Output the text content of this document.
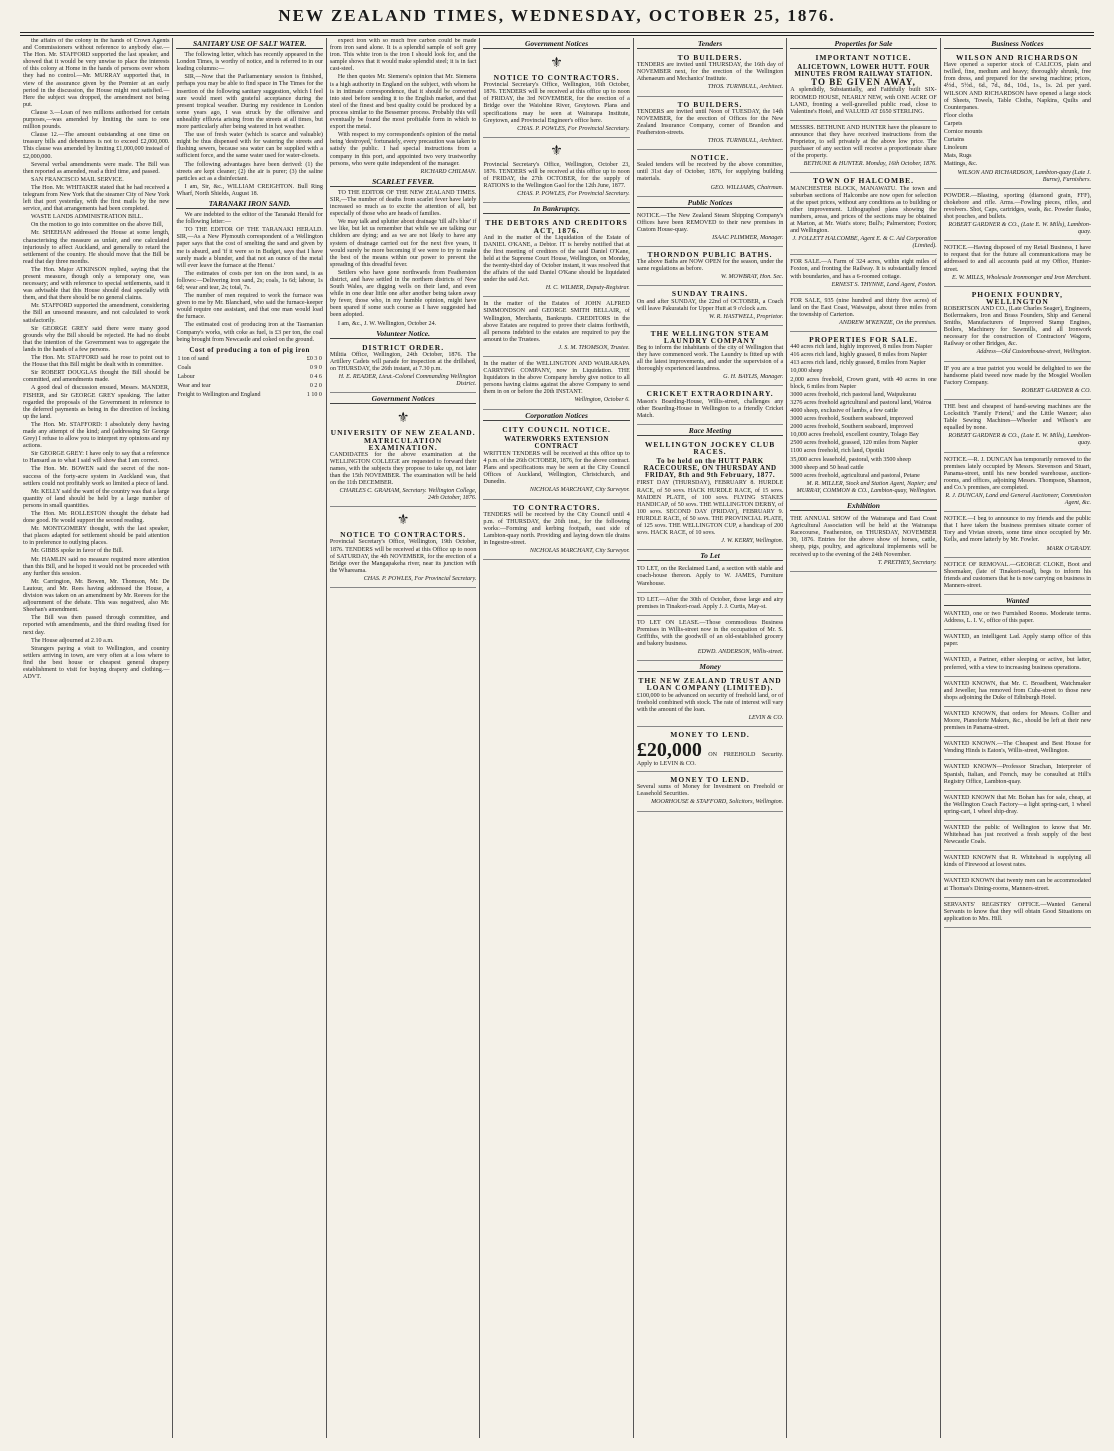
NEW ZEALAND TIMES, WEDNESDAY, OCTOBER 25, 1876.

the affairs of the colony in the hands of Crown Agents and Commissioners without reference to anybody else.—The Hon. Mr. STAFFORD supported the last speaker, and showed that it would be very unwise to place the interests of this colony at Home in the hands of persons over whom they had no control.—Mr. MURRAY supported that, in view of the assurance given by the Premier at an early period in the discussion, the House might rest satisfied.—Here the subject was dropped, the amendment not being put.

Clause 3.—Loan of two millions authorised for certain purposes,—was amended by limiting the sum to one million pounds.

Clause 12.—The amount outstanding at one time on treasury bills and debentures is not to exceed £2,000,000. This clause was amended by limiting £1,000,000 instead of £2,000,000.

Several verbal amendments were made. The Bill was then reported as amended, read a third time, and passed.

SAN FRANCISCO MAIL SERVICE.

The Hon. Mr. WHITAKER stated that he had received a telegram from New York that the steamer City of New York left that port yesterday, with the first mails by the new service, and that arrangements had been completed.

WASTE LANDS ADMINISTRATION BILL.

On the motion to go into committee on the above Bill,

Mr. SHEEHAN addressed the House at some length, characterising the measure as unfair, and one calculated injuriously to affect Auckland, and generally to retard the settlement of the country. He should move that the Bill be read that day three months.

The Hon. Major ATKINSON replied, saying that the present measure, though only a temporary one, was necessary; and with reference to special settlements, said it was advisable that this House should deal specially with them, and that there should be no general claims.

Mr. STAFFORD supported the amendment, considering the Bill an unsound measure, and not calculated to work satisfactorily.

Sir GEORGE GREY said there were many good grounds why the Bill should be rejected. He had no doubt that the intention of the Government was to aggregate the lands in the hands of a few persons.

The Hon. Mr. STAFFORD said he rose to point out to the House that this Bill might be dealt with in committee.

Sir ROBERT DOUGLAS thought the Bill should be committed, and amendments made.

A good deal of discussion ensued, Messrs. MANDER, FISHER, and Sir GEORGE GREY speaking. The latter regarded the proposals of the Government in reference to the deferred payments as being in the direction of locking up the land.

The Hon. Mr. STAFFORD: I absolutely deny having made any attempt of the kind; and (addressing Sir George Grey) I refuse to allow you to interpret my opinions and my actions.

Sir GEORGE GREY: I have only to say that a reference to Hansard as to what I said will show that I am correct.

The Hon. Mr. BOWEN said the secret of the non-success of the forty-acre system in Auckland was, that settlers could not profitably work so limited a piece of land.

Mr. KELLY said the want of the country was that a large quantity of land should be held by a large number of persons in small quantities.

The Hon. Mr. ROLLESTON thought the debate had done good. He would support the second reading.

Mr. MONTGOMERY thought, with the last speaker, that places adapted for settlement should be paid attention to in preference to outlying places.

Mr. GIBBS spoke in favor of the Bill.

Mr. HAMLIN said no measure required more attention than this Bill, and he hoped it would not be proceeded with any further this session.

Mr. Carrington, Mr. Bowen, Mr. Thomson, Mr. De Lautour, and Mr. Rees having addressed the House, a division was taken on an amendment by Mr. Reeves for the adjournment of the debate. This was negatived, also Mr. Sheehan's amendment.

The Bill was then passed through committee, and reported with amendments, and the third reading fixed for next day.

The House adjourned at 2.10 a.m.

Strangers paying a visit to Wellington, and country settlers arriving in town, are very often at a loss where to find the best house or cheapest general drapery establishment to visit for buying drapery and clothing.—ADVT.

SANITARY USE OF SALT WATER.

The following letter, which has recently appeared in the London Times, is worthy of notice, and is referred to in our leading columns:—

SIR,—Now that the Parliamentary session is finished, perhaps you may be able to find space in The Times for the insertion of the following sanitary suggestion, which I feel sure would meet with grateful acceptance during the present tropical weather. During my residence in London some years ago, I was struck by the offensive and unhealthy effluvia arising from the streets at all times, but more particularly after being watered in hot weather.

The use of fresh water (which is scarce and valuable) might be thus dispensed with for watering the streets and flushing sewers, because sea water can be supplied with a sufficient force, and the same water used for water-closets.

The following advantages have been derived: (1) the streets are kept cleaner; (2) the air is purer; (3) the saline particles act as a disinfectant.

I am, Sir, &c., WILLIAM CREIGHTON. Bull Ring Wharf, North Shields, August 18.

TARANAKI IRON SAND.

We are indebted to the editor of the Taranaki Herald for the following letter:—

TO THE EDITOR OF THE TARANAKI HERALD. SIR,—As a New Plymouth correspondent of a Wellington paper says that the cost of smelting the sand and given by me is absurd, and 'if it were so in Budget, says that I have surely made a blunder, and that not an ounce of the metal will ever leave the furnace at the Henui.'

The estimates of costs per ton on the iron sand, is as follows:—Delivering iron sand, 2s; coals, 1s 6d; labour, 1s 6d; wear and tear, 2s; total, 7s.

The number of men required to work the furnace was given to me by Mr. Blanchard, who said the furnace-keeper would require one assistant, and that one man would load the furnace.

The estimated cost of producing iron at the Tasmanian Company's works, with coke as fuel, is £3 per ton, the coal being brought from Newcastle and coked on the ground.

Cost of producing a ton of pig iron
1 ton of sand	£0 3 0
Coals	0 9 0
Labour	0 4 6
Wear and tear	0 2 0
Freight to Wellington and England	1 10 0

expect iron with so much free carbon could be made from iron sand alone. It is a splendid sample of soft grey iron. This white iron is the iron I should look for, and the sample shows that it would make splendid steel; it is in fact cast-steel.

He then quotes Mr. Siemens's opinion that Mr. Siemens is a high authority in England on the subject, with whom he is in intimate correspondence, that it should be converted into steel before sending it to the English market, and that steel of the finest and best quality could be produced by a process similar to the Bessemer process. Probably this will eventually be found the most profitable form in which to export the metal.

With respect to my correspondent's opinion of the metal being 'destroyed,' fortunately, every precaution was taken to satisfy the public. I had special instructions from a company in this port, and appointed two very trustworthy persons, who were quite independent of the manager.

RICHARD CHILMAN.

SCARLET FEVER.

TO THE EDITOR OF THE NEW ZEALAND TIMES. SIR,—The number of deaths from scarlet fever have lately increased so much as to excite the attention of all, but especially of those who are heads of families.

We may talk and splutter about drainage 'till all's blue' if we like, but let us remember that while we are talking our children are dying; and as we are not likely to have any system of drainage carried out for the next five years, it would surely be more becoming if we were to try to make the best of the means within our power to prevent the spreading of this dreadful fever.

Settlers who have gone northwards from Featherston district, and have settled in the northern districts of New South Wales, are digging wells on their land, and even while in one dear little one after another being taken away by fever, those who, in my humble opinion, might have been spared if some such course as I have suggested had been adopted.

I am, &c., J. W. Wellington, October 24.

Volunteer Notice.
DISTRICT ORDER.

Militia Office, Wellington, 24th October, 1876. The Artillery Cadets will parade for inspection at the drillshed, on THURSDAY, the 26th instant, at 7.30 p.m.

H. E. READER, Lieut.-Colonel Commanding Wellington District.

Government Notices
⚜
UNIVERSITY OF NEW ZEALAND. MATRICULATION EXAMINATION.

CANDIDATES for the above examination at the WELLINGTON COLLEGE are requested to forward their names, with the subjects they propose to take up, not later than the 15th NOVEMBER. The examination will be held on the 11th DECEMBER.

CHARLES C. GRAHAM, Secretary. Wellington College, 24th October, 1876.

⚜
NOTICE TO CONTRACTORS.

Provincial Secretary's Office, Wellington, 19th October, 1876. TENDERS will be received at this Office up to noon of SATURDAY, the 4th NOVEMBER, for the erection of a Bridge over the Mangapakeha river, near its junction with the Whareama.

CHAS. P. POWLES, For Provincial Secretary.

Government Notices
⚜
NOTICE TO CONTRACTORS.

Provincial Secretary's Office, Wellington, 16th October, 1876. TENDERS will be received at this office up to noon of FRIDAY, the 3rd NOVEMBER, for the erection of a Bridge over the Waiohine River, Greytown. Plans and specifications may be seen at Wairarapa Institute, Greytown, and Provincial Engineer's office here.

CHAS. P. POWLES, For Provincial Secretary.

⚜

Provincial Secretary's Office, Wellington, October 23, 1876. TENDERS will be received at this office up to noon of FRIDAY, the 27th OCTOBER, for the supply of RATIONS to the Wellington Gaol for the 12th June, 1877.

CHAS. P. POWLES, For Provincial Secretary.

In Bankruptcy.
THE DEBTORS AND CREDITORS ACT, 1876.

And in the matter of the Liquidation of the Estate of DANIEL O'KANE, a Debtor. IT is hereby notified that at the first meeting of creditors of the said Daniel O'Kane, held at the Supreme Court House, Wellington, on Monday, the twenty-third day of October instant, it was resolved that the affairs of the said Daniel O'Kane should be liquidated under the said Act.

H. C. WILMER, Deputy-Registrar.

In the matter of the Estates of JOHN ALFRED SIMMONDSON and GEORGE SMITH BELLAIR, of Wellington, Merchants, Bankrupts. CREDITORS in the above Estates are required to prove their claims forthwith, all persons indebted to the estates are required to pay the amount to the Trustees.

J. S. M. THOMSON, Trustee.

In the matter of the WELLINGTON AND WAIRARAPA CARRYING COMPANY, now in Liquidation. THE liquidators in the above Company hereby give notice to all persons having claims against the above Company to send them in on or before the 20th INSTANT.

Wellington, October 6.

Corporation Notices
CITY COUNCIL NOTICE.
WATERWORKS EXTENSION CONTRACT

WRITTEN TENDERS will be received at this office up to 4 p.m. of the 26th OCTOBER, 1876, for the above contract. Plans and specifications may be seen at the City Council Offices of Auckland, Wellington, Christchurch, and Dunedin.

NICHOLAS MARCHANT, City Surveyor.

TO CONTRACTORS.

TENDERS will be received by the City Council until 4 p.m. of THURSDAY, the 26th inst., for the following works:—Forming and kerbing footpath, east side of Lambton-quay north. Providing and laying down tile drains in Ingestre-street.

NICHOLAS MARCHANT, City Surveyor.

Tenders
TO BUILDERS.

TENDERS are invited until THURSDAY, the 16th day of NOVEMBER next, for the erection of the Wellington Athenaeum and Mechanics' Institute.

THOS. TURNBULL, Architect.

TO BUILDERS.

TENDERS are invited until Noon of TUESDAY, the 14th NOVEMBER, for the erection of Offices for the New Zealand Insurance Company, corner of Brandon and Featherston-streets.

THOS. TURNBULL, Architect.

NOTICE.

Sealed tenders will be received by the above committee, until 31st day of October, 1876, for supplying building materials.

GEO. WILLIAMS, Chairman.

Public Notices

NOTICE.—The New Zealand Steam Shipping Company's Offices have been REMOVED to their new premises in Custom House-quay.

ISAAC PLIMMER, Manager.

THORNDON PUBLIC BATHS.

The above Baths are NOW OPEN for the season, under the same regulations as before.

W. MOWBRAY, Hon. Sec.

SUNDAY TRAINS.

On and after SUNDAY, the 22nd of OCTOBER, a Coach will leave Pakuratahi for Upper Hutt at 9 o'clock a.m.

W. R. HASTWELL, Proprietor.

THE WELLINGTON STEAM LAUNDRY COMPANY

Beg to inform the inhabitants of the city of Wellington that they have commenced work. The Laundry is fitted up with all the latest improvements, and under the supervision of a thoroughly experienced laundress.

G. H. BAYLIS, Manager.

CRICKET EXTRAORDINARY.

Mason's Boarding-House, Willis-street, challenges any other Boarding-House in Wellington to a friendly Cricket Match.

Race Meeting
WELLINGTON JOCKEY CLUB RACES.
To be held on the HUTT PARK RACECOURSE, ON THURSDAY AND FRIDAY, 8th and 9th February, 1877.

FIRST DAY (THURSDAY), FEBRUARY 8. HURDLE RACE, of 50 sovs. HACK HURDLE RACE, of 15 sovs. MAIDEN PLATE, of 100 sovs. FLYING STAKES HANDICAP, of 50 sovs. THE WELLINGTON DERBY, of 100 sovs. SECOND DAY (FRIDAY), FEBRUARY 9. HURDLE RACE, of 50 sovs. THE PROVINCIAL PLATE, of 125 sovs. THE WELLINGTON CUP, a handicap of 200 sovs. HACK RACE, of 10 sovs.

J. W. KERRY, Wellington.

To Let

TO LET, on the Reclaimed Land, a section with stable and coach-house thereon. Apply to W. JAMES, Furniture Warehouse.

TO LET.—After the 30th of October, those large and airy premises in Tinakori-road. Apply J. J. Curtis, May-st.

TO LET ON LEASE.—Those commodious Business Premises in Willis-street now in the occupation of Mr. S. Griffiths, with the goodwill of an old-established grocery and bakery business.

EDWD. ANDERSON, Willis-street.

Money
THE NEW ZEALAND TRUST AND LOAN COMPANY (LIMITED).

£100,000 to be advanced on security of freehold land, or of freehold combined with stock. The rate of interest will vary with the amount of the loan.

LEVIN & CO.

MONEY TO LEND.
£20,000 ON FREEHOLD Security. Apply to LEVIN & CO.
MONEY TO LEND.

Several sums of Money for Investment on Freehold or Leasehold Securities.

MOORHOUSE & STAFFORD, Solicitors, Wellington.

Properties for Sale
IMPORTANT NOTICE.
ALICETOWN, LOWER HUTT. FOUR MINUTES FROM RAILWAY STATION.
TO BE GIVEN AWAY,

A splendidly, Substantially, and Faithfully built SIX-ROOMED HOUSE, NEARLY NEW, with ONE ACRE OF LAND, fronting a well-gravelled public road, close to Valentine's Hotel, and VALUED AT £650 STERLING.

MESSRS. BETHUNE AND HUNTER have the pleasure to announce that they have received instructions from the Proprietor, to sell privately at the above low price. The purchaser of any section will receive a proportionate share of the property.

BETHUNE & HUNTER. Monday, 16th October, 1876.

TOWN OF HALCOMBE.

MANCHESTER BLOCK, MANAWATU. The town and suburban sections of Halcombe are now open for selection at the upset prices, without any conditions as to building or other improvement. Lithographed plans showing the numbers, areas, and prices of the sections may be obtained at Marton, at Mr. Watt's store; Bull's; Palmerston; Foxton; and Wellington.

J. FOLLETT HALCOMBE, Agent E. & C. Aid Corporation (Limited).

FOR SALE.—A Farm of 324 acres, within eight miles of Foxton, and fronting the Railway. It is substantially fenced with boundaries, and has a 6-roomed cottage.

ERNEST S. THYNNE, Land Agent, Foxton.

FOR SALE, 935 (nine hundred and thirty five acres) of land on the East Coast, Waiwaipu, about three miles from the township of Carterton.

ANDREW M'KENZIE, On the premises.

PROPERTIES FOR SALE.

440 acres rich land, highly improved, 8 miles from Napier

416 acres rich land, highly grassed, 8 miles from Napier

413 acres rich land, richly grassed, 8 miles from Napier

10,000 sheep

2,000 acres freehold, Crown grant, with 40 acres in one block, 6 miles from Napier

3000 acres freehold, rich pastoral land, Waipukurau

3276 acres freehold agricultural and pastoral land, Wairoa

4000 sheep, exclusive of lambs, a few cattle

3000 acres freehold, Southern seaboard, improved

2000 acres freehold, Southern seaboard, improved

10,000 acres freehold, excellent country, Tolago Bay

2500 acres freehold, grassed, 120 miles from Napier

1100 acres freehold, rich land, Opotiki

35,000 acres leasehold, pastoral, with 3500 sheep

3000 sheep and 50 head cattle

5000 acres freehold, agricultural and pastoral, Petane

M. R. MILLER, Stock and Station Agent, Napier; and MURRAY, COMMON & CO., Lambton-quay, Wellington.

Exhibition

THE ANNUAL SHOW of the Wairarapa and East Coast Agricultural Association will be held at the Wairarapa Racecourse, Featherston, on THURSDAY, NOVEMBER 30, 1876. Entries for the above show of horses, cattle, sheep, pigs, poultry, and agricultural implements will be received up to the evening of the 24th November.

T. PRETHEY, Secretary.

Business Notices
WILSON AND RICHARDSON

Have opened a superior stock of CALICOS, plain and twilled, fine, medium and heavy; thoroughly shrunk, free from dress, and prepared for the sewing machine; prices, 4½d., 5½d., 6d., 7d., 8d., 10d., 1s., 1s. 2d. per yard. WILSON AND RICHARDSON have opened a large stock of Sheets, Towels, Table Cloths, Napkins, Quilts and Counterpanes.

Floor cloths

Carpets

Cornice mounts

Curtains

Linoleum

Mats, Rugs

Mattings, &c.

WILSON AND RICHARDSON, Lambton-quay (Late J. Burne), Furnishers.

POWDER.—Blasting, sporting (diamond grain, FFF), chokebore and rifle. Arms.—Fowling pieces, rifles, and revolvers. Shot, Caps, cartridges, wads, &c. Powder flasks, shot pouches, and bullets.

ROBERT GARDNER & CO., (Late E. W. Mills), Lambton-quay.

NOTICE.—Having disposed of my Retail Business, I have to request that for the future all communications may be addressed to and all accounts paid at my Office, Hunter-street.

E. W. MILLS, Wholesale Ironmonger and Iron Merchant.

PHOENIX FOUNDRY, WELLINGTON

ROBERTSON AND CO., (Late Charles Seager), Engineers, Boilermakers, Iron and Brass Founders, Ship and General Smiths, Manufacturers of Improved Stamp Engines, Boilers, Machinery for Sawmills, and all Ironwork necessary for the construction of Contractors' Wagons, Railway or other Bridges, &c.

Address—Old Customhouse-street, Wellington.

IF you are a true patriot you would be delighted to see the handsome plaid tweed now made by the Mosgiel Woollen Factory Company.

ROBERT GARDNER & CO.

THE best and cheapest of hand-sewing machines are the Lockstitch 'Family Friend,' and the Little Wanzer; also Table Sewing Machines—Wheeler and Wilson's are equalled by none.

ROBERT GARDNER & CO., (Late E. W. Mills), Lambton-quay.

NOTICE.—R. J. DUNCAN has temporarily removed to the premises lately occupied by Messrs. Stevenson and Stuart, Panama-street, until his new bonded warehouse, auction-rooms, and offices, adjoining Messrs. Thompson, Shannon, and Co.'s premises, are completed.

R. J. DUNCAN, Land and General Auctioneer, Commission Agent, &c.

NOTICE.—I beg to announce to my friends and the public that I have taken the business premises situate corner of Tory and Vivian streets, some time since occupied by Mr. Kells, and more latterly by Mr. Fowler.

MARK O'GRADY.

NOTICE OF REMOVAL.—GEORGE CLOKE, Boot and Shoemaker, (late of Tinakori-road), begs to inform his friends and customers that he is now carrying on business in Manners-street.

Wanted

WANTED, one or two Furnished Rooms. Moderate terms. Address, L. I. V., office of this paper.

WANTED, an intelligent Lad. Apply stamp office of this paper.

WANTED, a Partner, either sleeping or active, but latter, preferred, with a view to increasing business operations.

WANTED KNOWN, that Mr. C. Broadbent, Watchmaker and Jeweller, has removed from Cuba-street to those new shops adjoining the Duke of Edinburgh Hotel.

WANTED KNOWN, that orders for Messrs. Collier and Moore, Pianoforte Makers, &c., should be left at their new premises in Panama-street.

WANTED KNOWN.—The Cheapest and Best House for Vending Hinds is Eaton's, Willis-street, Wellington.

WANTED KNOWN—Professor Strachan, Interpreter of Spanish, Italian, and French, may be consulted at Hill's Registry Office, Lambton-quay.

WANTED KNOWN that Mr. Bohan has for sale, cheap, at the Wellington Coach Factory—a light spring-cart, 1 wheel spring-cart, 1 wheel ship-dray.

WANTED the public of Wellington to know that Mr. Whitehead has just received a fresh supply of the best Newcastle Coals.

WANTED KNOWN that R. Whitehead is supplying all kinds of Firewood at lowest rates.

WANTED KNOWN that twenty men can be accommodated at Thomas's Dining-rooms, Manners-street.

SERVANTS' REGISTRY OFFICE.—Wanted General Servants to know that they will obtain Good Situations on application to Mrs. Hill.
